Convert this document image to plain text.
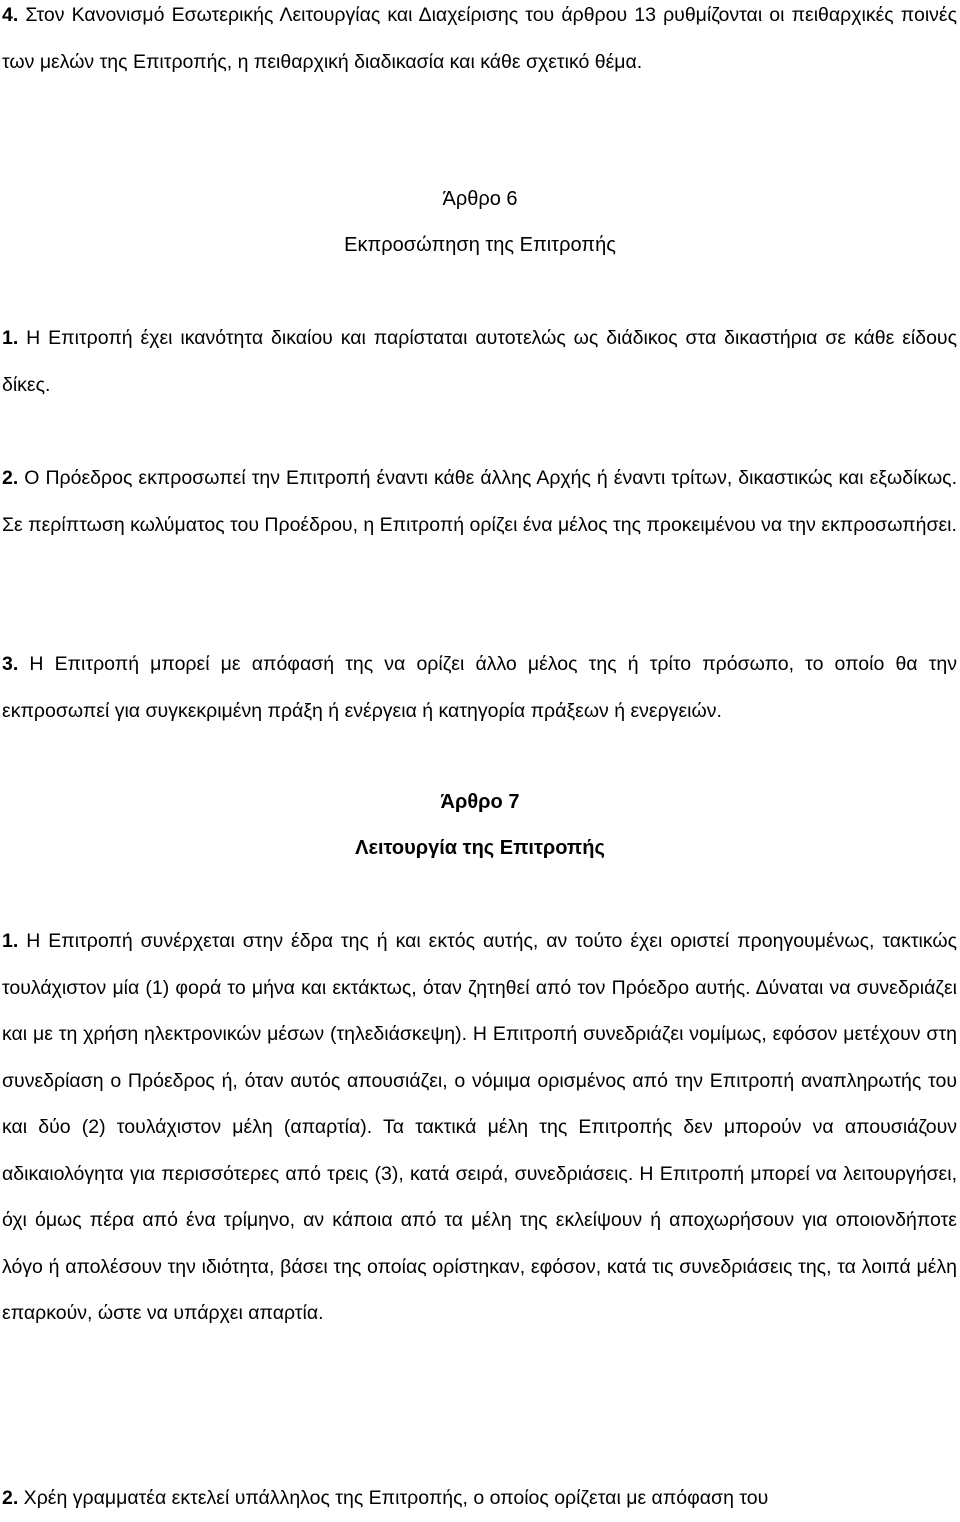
4. Στον Κανονισμό Εσωτερικής Λειτουργίας και Διαχείρισης του άρθρου 13 ρυθμίζονται οι πειθαρχικές ποινές των μελών της Επιτροπής, η πειθαρχική διαδικασία και κάθε σχετικό θέμα.

Άρθρο 6
Εκπροσώπηση της Επιτροπής

1. Η Επιτροπή έχει ικανότητα δικαίου και παρίσταται αυτοτελώς ως διάδικος στα δικαστήρια σε κάθε είδους δίκες.

2. Ο Πρόεδρος εκπροσωπεί την Επιτροπή έναντι κάθε άλλης Αρχής ή έναντι τρίτων, δικαστικώς και εξωδίκως. Σε περίπτωση κωλύματος του Προέδρου, η Επιτροπή ορίζει ένα μέλος της προκειμένου να την εκπροσωπήσει.

3. Η Επιτροπή μπορεί με απόφασή της να ορίζει άλλο μέλος της ή τρίτο πρόσωπο, το οποίο θα την εκπροσωπεί για συγκεκριμένη πράξη ή ενέργεια ή κατηγορία πράξεων ή ενεργειών.

Άρθρο 7
Λειτουργία της Επιτροπής

1. Η Επιτροπή συνέρχεται στην έδρα της ή και εκτός αυτής, αν τούτο έχει οριστεί προηγουμένως, τακτικώς τουλάχιστον μία (1) φορά το μήνα και εκτάκτως, όταν ζητηθεί από τον Πρόεδρο αυτής. Δύναται να συνεδριάζει και με τη χρήση ηλεκτρονικών μέσων (τηλεδιάσκεψη). Η Επιτροπή συνεδριάζει νομίμως, εφόσον μετέχουν στη συνεδρίαση ο Πρόεδρος ή, όταν αυτός απουσιάζει, ο νόμιμα ορισμένος από την Επιτροπή αναπληρωτής του και δύο (2) τουλάχιστον μέλη (απαρτία). Τα τακτικά μέλη της Επιτροπής δεν μπορούν να απουσιάζουν αδικαιολόγητα για περισσότερες από τρεις (3), κατά σειρά, συνεδριάσεις. Η Επιτροπή μπορεί να λειτουργήσει, όχι όμως πέρα από ένα τρίμηνο, αν κάποια από τα μέλη της εκλείψουν ή αποχωρήσουν για οποιονδήποτε λόγο ή απολέσουν την ιδιότητα, βάσει της οποίας ορίστηκαν, εφόσον, κατά τις συνεδριάσεις της, τα λοιπά μέλη επαρκούν, ώστε να υπάρχει απαρτία.

2. Χρέη γραμματέα εκτελεί υπάλληλος της Επιτροπής, ο οποίος ορίζεται με απόφαση του
